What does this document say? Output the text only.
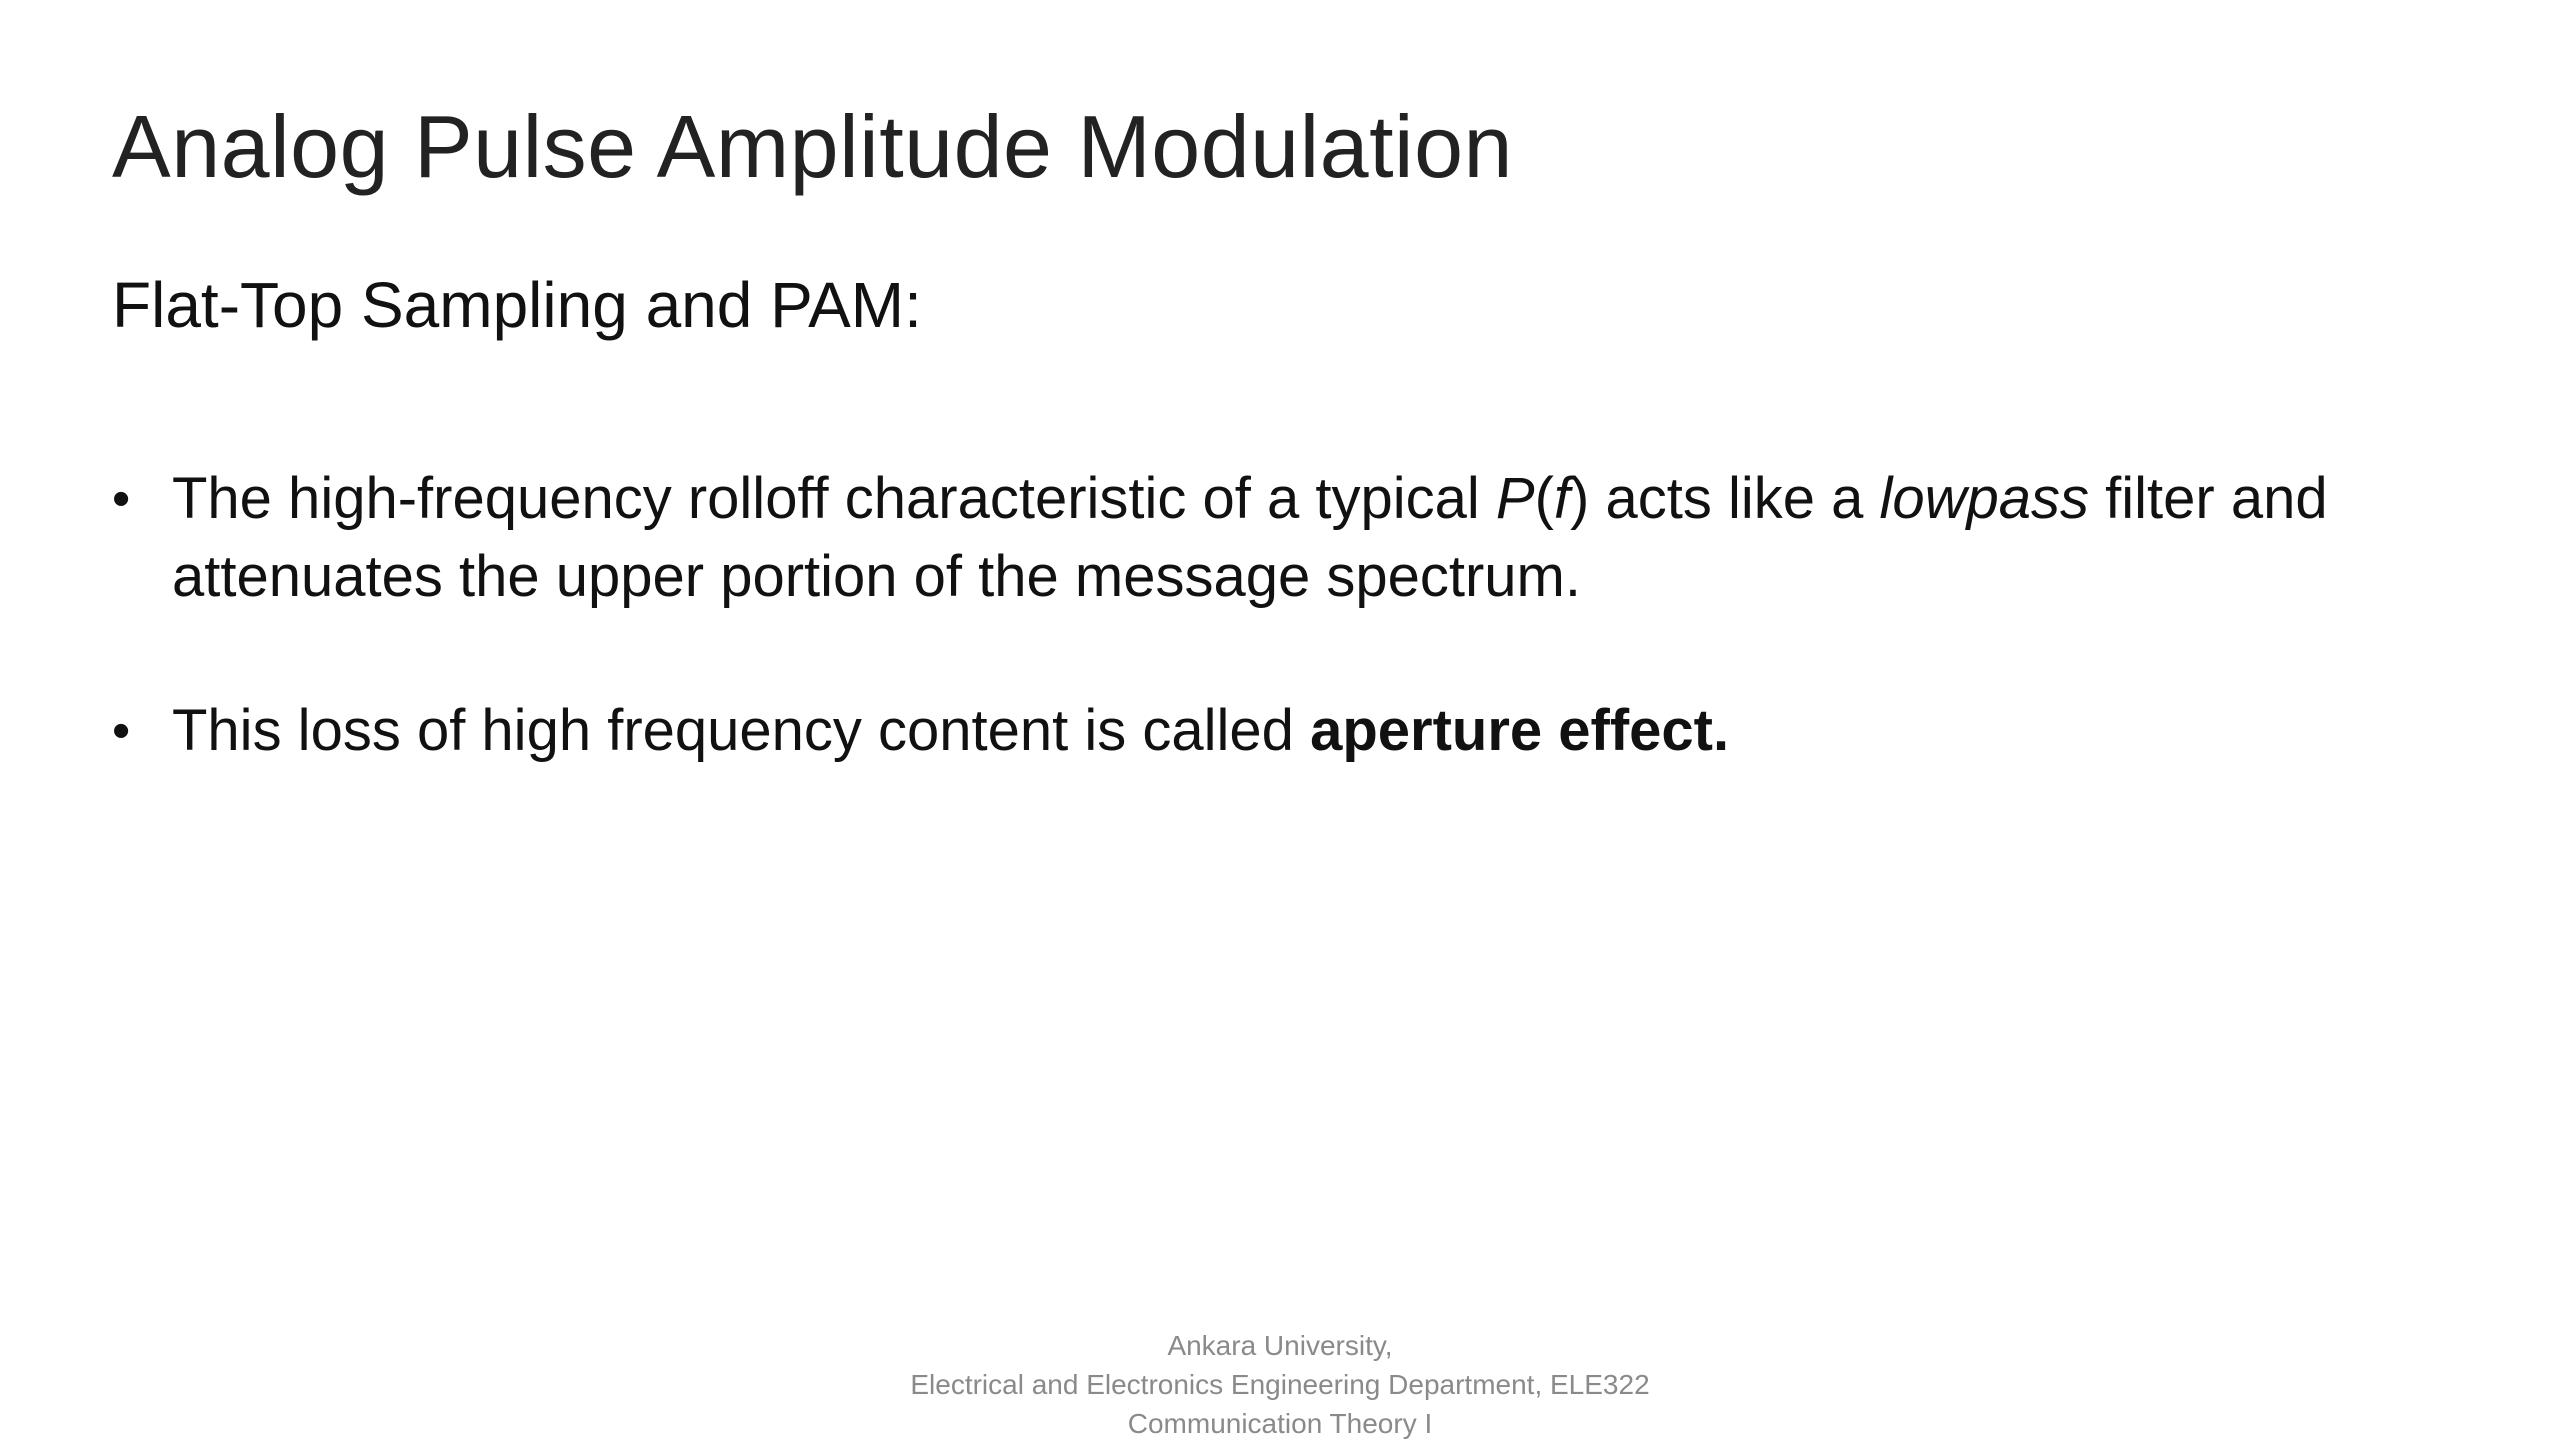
Analog Pulse Amplitude Modulation
Flat-Top Sampling and PAM:
• The high-frequency rolloff characteristic of a typical P(f) acts like a lowpass filter and attenuates the upper portion of the message spectrum.
• This loss of high frequency content is called aperture effect.
Ankara University,
Electrical and Electronics Engineering Department, ELE322
Communication Theory I
